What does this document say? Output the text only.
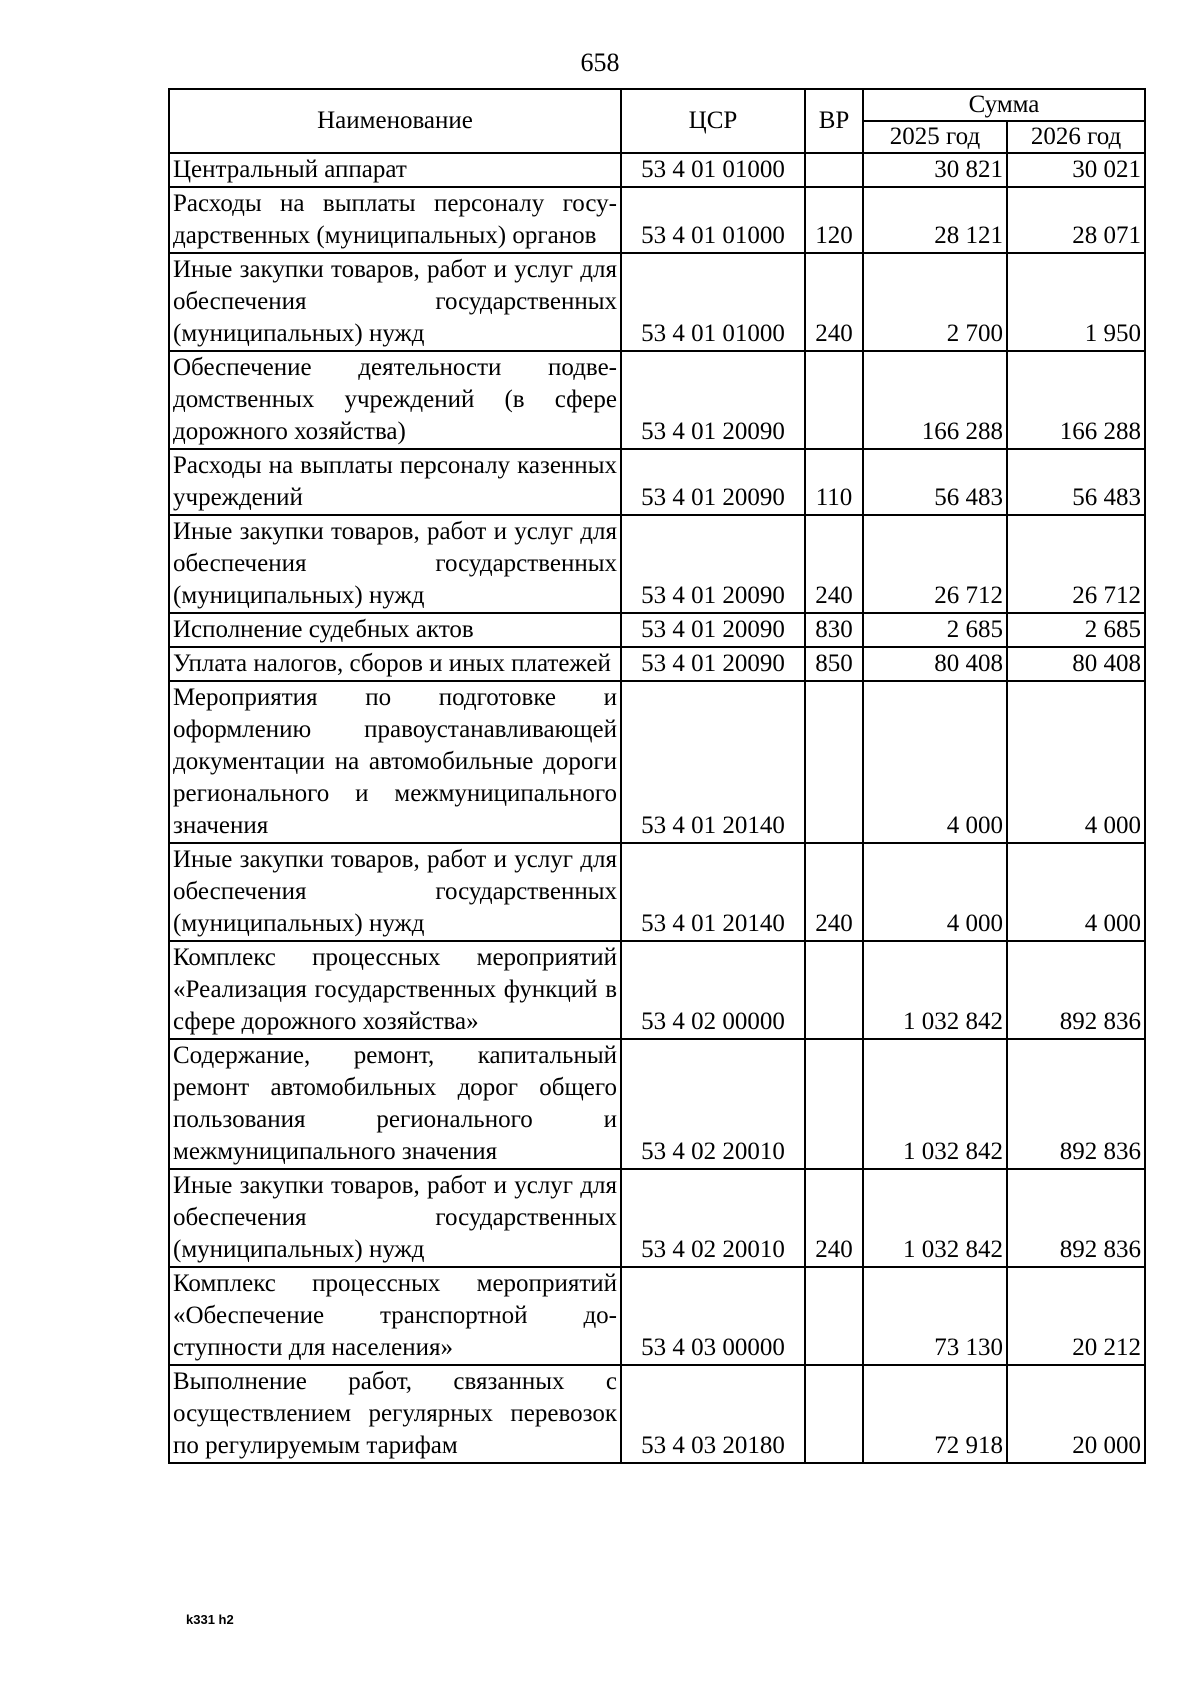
658
Наименование	ЦСР	ВР	Сумма	
			2025 год	2026 год
Центральный аппарат	53 4 01 01000		30 821	30 021
Расходы на выплаты персоналу государственных (муниципальных) органов	53 4 01 01000	120	28 121	28 071
Иные закупки товаров, работ и услуг для обеспечения государственных (муниципальных) нужд	53 4 01 01000	240	2 700	1 950
Обеспечение деятельности подведомственных учреждений (в сфере дорожного хозяйства)	53 4 01 20090		166 288	166 288
Расходы на выплаты персоналу казенных учреждений	53 4 01 20090	110	56 483	56 483
Иные закупки товаров, работ и услуг для обеспечения государственных (муниципальных) нужд	53 4 01 20090	240	26 712	26 712
Исполнение судебных актов	53 4 01 20090	830	2 685	2 685
Уплата налогов, сборов и иных платежей	53 4 01 20090	850	80 408	80 408
Мероприятия по подготовке и оформлению правоустанавливающей документации на автомобильные дороги регионального и межмуниципального значения	53 4 01 20140		4 000	4 000
Иные закупки товаров, работ и услуг для обеспечения государственных (муниципальных) нужд	53 4 01 20140	240	4 000	4 000
Комплекс процессных мероприятий «Реализация государственных функций в сфере дорожного хозяйства»	53 4 02 00000		1 032 842	892 836
Содержание, ремонт, капитальный ремонт автомобильных дорог общего пользования регионального и межмуниципального значения	53 4 02 20010		1 032 842	892 836
Иные закупки товаров, работ и услуг для обеспечения государственных (муниципальных) нужд	53 4 02 20010	240	1 032 842	892 836
Комплекс процессных мероприятий «Обеспечение транспортной доступности для населения»	53 4 03 00000		73 130	20 212
Выполнение работ, связанных с осуществлением регулярных перевозок по регулируемым тарифам	53 4 03 20180		72 918	20 000
k331 h2
